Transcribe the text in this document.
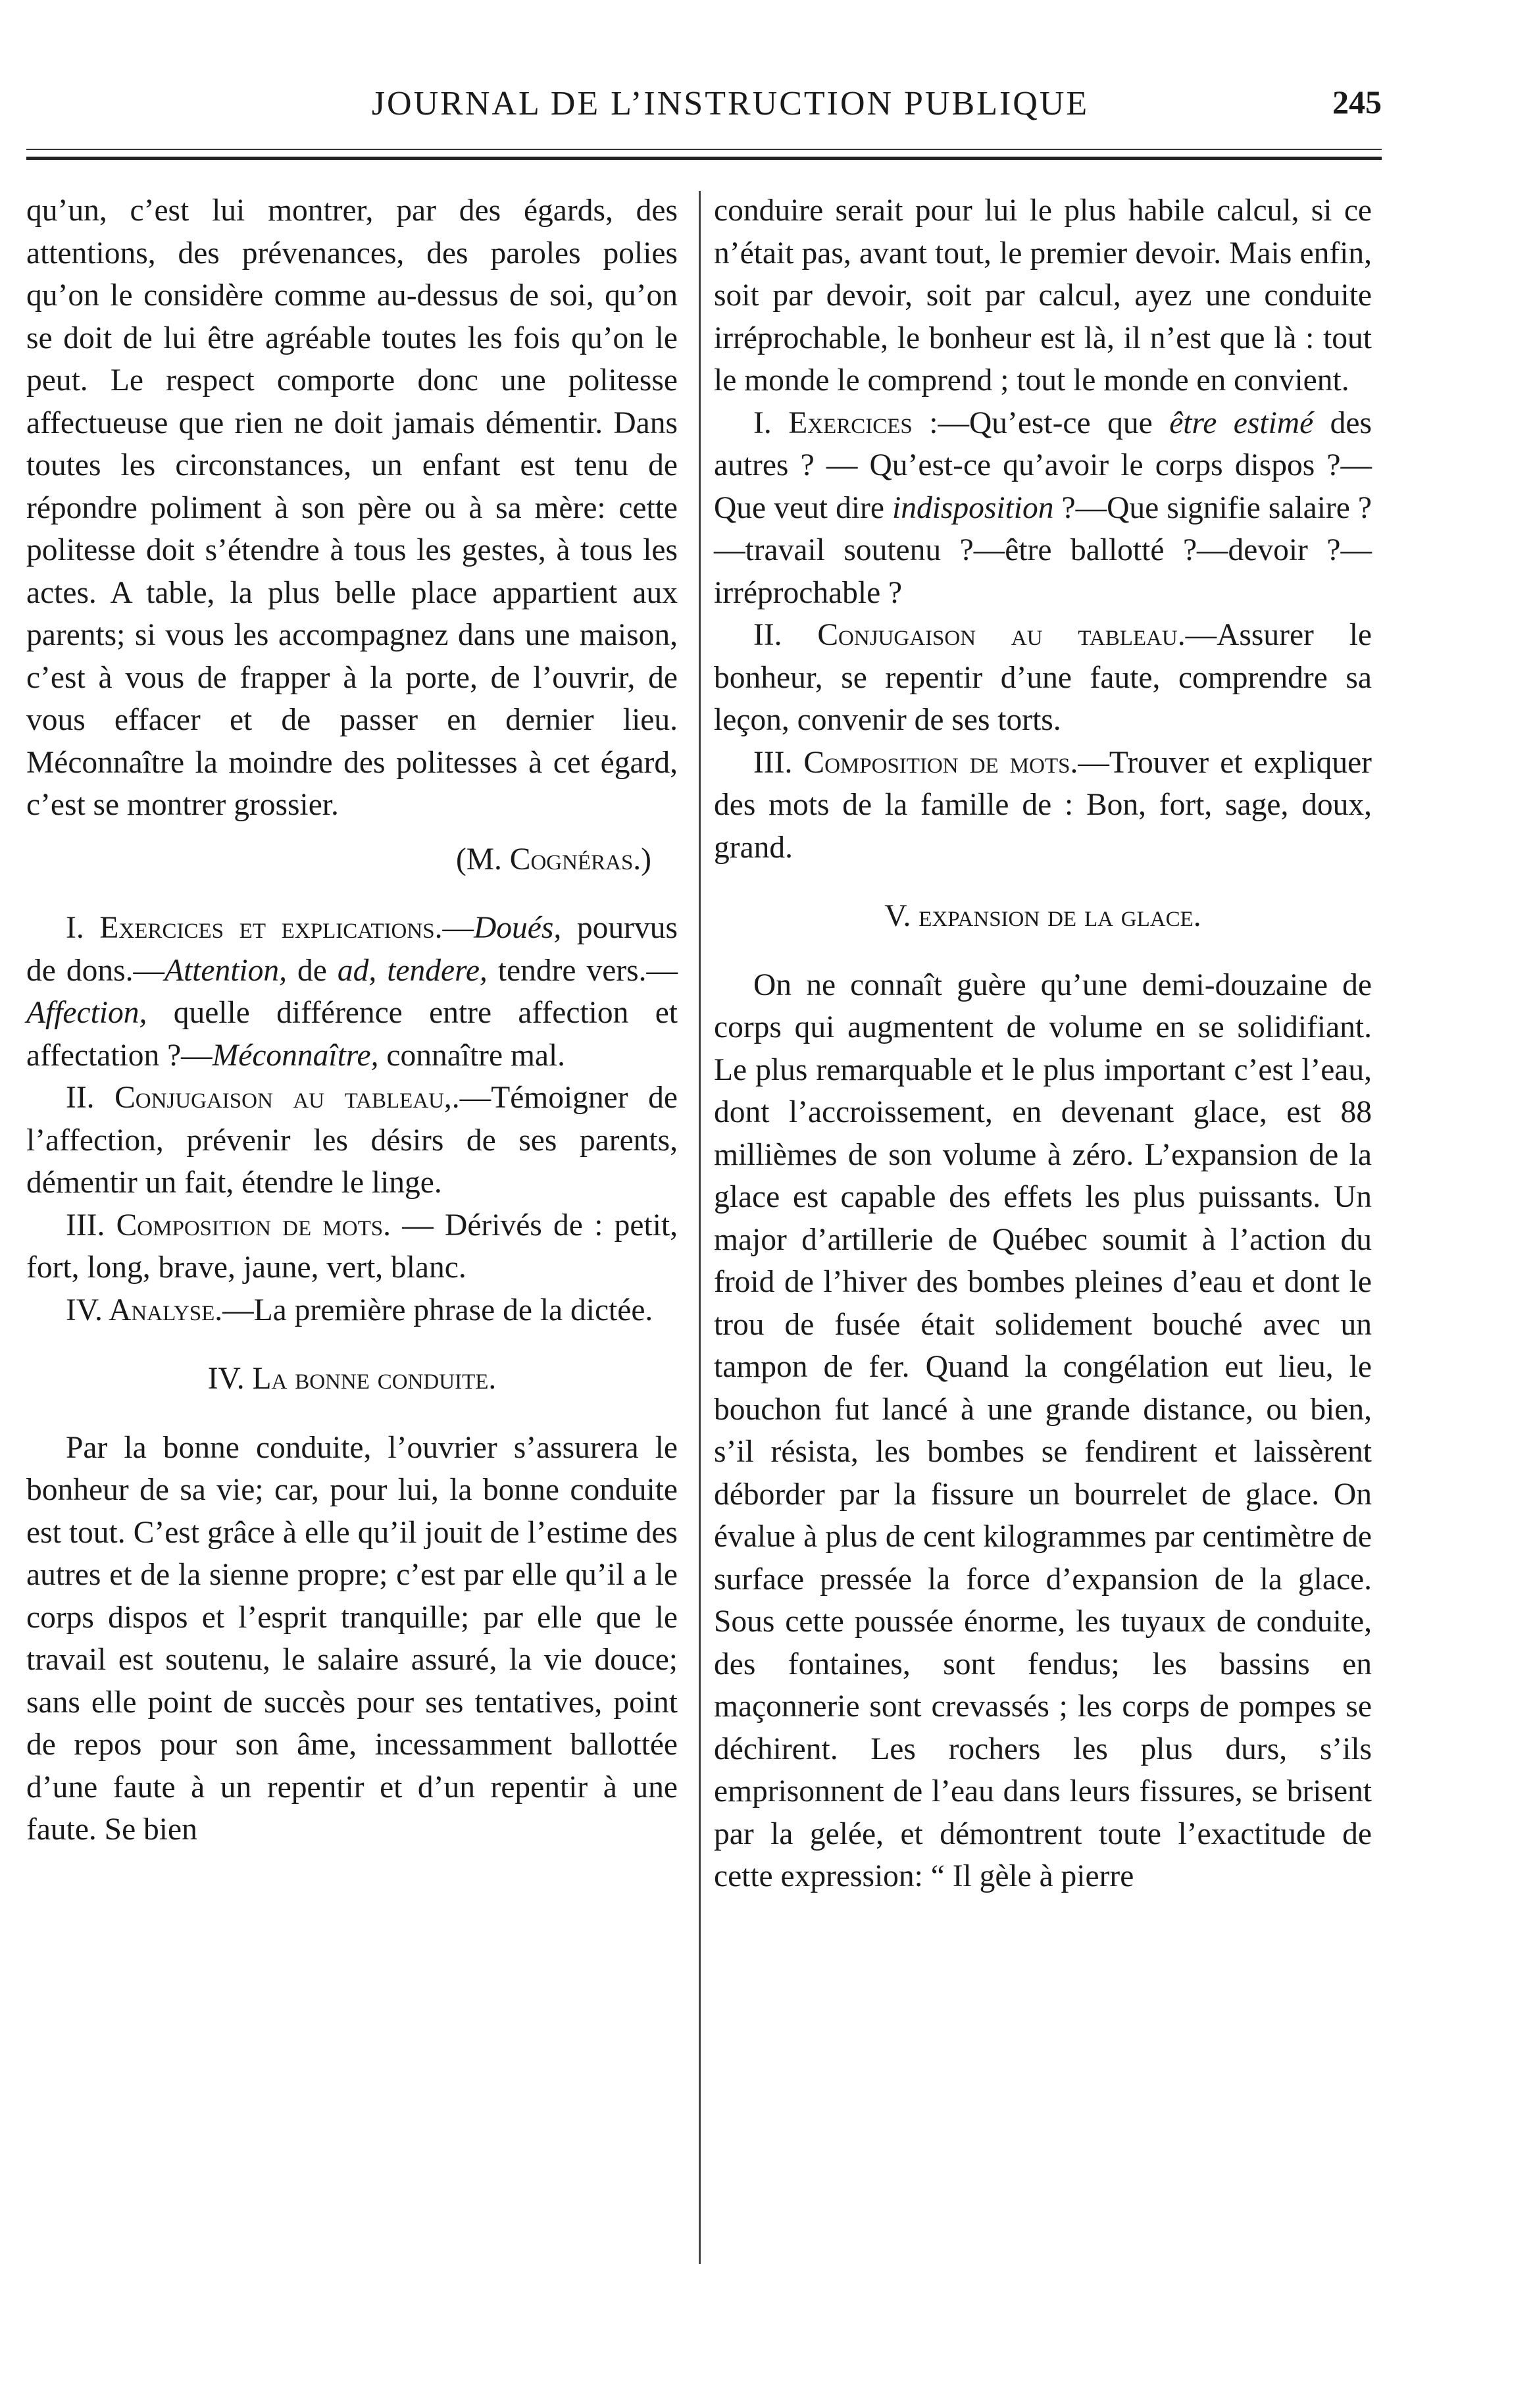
JOURNAL DE L’INSTRUCTION PUBLIQUE	245

qu’un, c’est lui montrer, par des égards, des attentions, des prévenances, des paroles polies qu’on le considère comme au-dessus de soi, qu’on se doit de lui être agréable toutes les fois qu’on le peut. Le respect comporte donc une politesse affectueuse que rien ne doit jamais démentir. Dans toutes les circonstances, un enfant est tenu de répondre poliment à son père ou à sa mère: cette politesse doit s’étendre à tous les gestes, à tous les actes. A table, la plus belle place appartient aux parents; si vous les accompagnez dans une maison, c’est à vous de frapper à la porte, de l’ouvrir, de vous effacer et de passer en dernier lieu. Méconnaître la moindre des politesses à cet égard, c’est se montrer grossier.

(M. Cognéras.)

I. Exercices et explications.—Doués, pourvus de dons.—Attention, de ad, tendere, tendre vers.—Affection, quelle différence entre affection et affectation ?—Méconnaître, connaître mal.

II. Conjugaison au tableau,.—Témoigner de l’affection, prévenir les désirs de ses parents, démentir un fait, étendre le linge.

III. Composition de mots. — Dérivés de : petit, fort, long, brave, jaune, vert, blanc.

IV. Analyse.—La première phrase de la dictée.

IV. La bonne conduite.

Par la bonne conduite, l’ouvrier s’assurera le bonheur de sa vie; car, pour lui, la bonne conduite est tout. C’est grâce à elle qu’il jouit de l’estime des autres et de la sienne propre; c’est par elle qu’il a le corps dispos et l’esprit tranquille; par elle que le travail est soutenu, le salaire assuré, la vie douce; sans elle point de succès pour ses tentatives, point de repos pour son âme, incessamment ballottée d’une faute à un repentir et d’un repentir à une faute. Se bien

conduire serait pour lui le plus habile calcul, si ce n’était pas, avant tout, le premier devoir. Mais enfin, soit par devoir, soit par calcul, ayez une conduite irréprochable, le bonheur est là, il n’est que là : tout le monde le comprend ; tout le monde en convient.

I. Exercices :—Qu’est-ce que être estimé des autres ? — Qu’est-ce qu’avoir le corps dispos ?—Que veut dire indisposition ?—Que signifie salaire ?—travail soutenu ?—être ballotté ?—devoir ?—irréprochable ?

II. Conjugaison au tableau.—Assurer le bonheur, se repentir d’une faute, comprendre sa leçon, convenir de ses torts.

III. Composition de mots.—Trouver et expliquer des mots de la famille de : Bon, fort, sage, doux, grand.

V. expansion de la glace.

On ne connaît guère qu’une demi-douzaine de corps qui augmentent de volume en se solidifiant. Le plus remarquable et le plus important c’est l’eau, dont l’accroissement, en devenant glace, est 88 millièmes de son volume à zéro. L’expansion de la glace est capable des effets les plus puissants. Un major d’artillerie de Québec soumit à l’action du froid de l’hiver des bombes pleines d’eau et dont le trou de fusée était solidement bouché avec un tampon de fer. Quand la congélation eut lieu, le bouchon fut lancé à une grande distance, ou bien, s’il résista, les bombes se fendirent et laissèrent déborder par la fissure un bourrelet de glace. On évalue à plus de cent kilogrammes par centimètre de surface pressée la force d’expansion de la glace. Sous cette poussée énorme, les tuyaux de conduite, des fontaines, sont fendus; les bassins en maçonnerie sont crevassés ; les corps de pompes se déchirent. Les rochers les plus durs, s’ils emprisonnent de l’eau dans leurs fissures, se brisent par la gelée, et démontrent toute l’exactitude de cette expression: “ Il gèle à pierre
